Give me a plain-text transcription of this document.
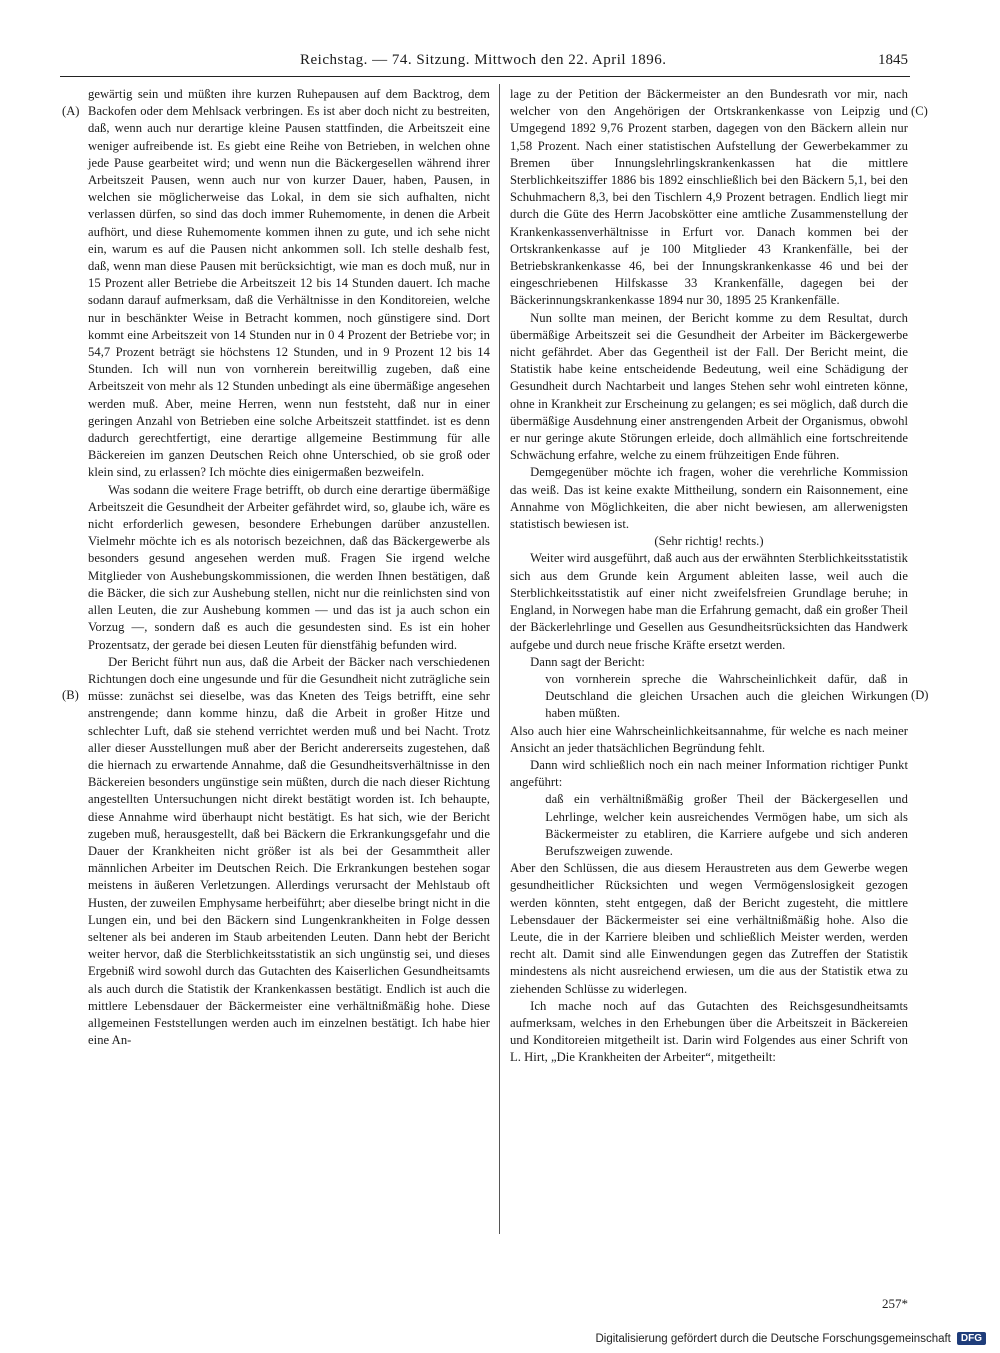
Reichstag. — 74. Sitzung. Mittwoch den 22. April 1896.	1845
(A)
(B)
(C)
(D)

gewärtig sein und müßten ihre kurzen Ruhepausen auf dem Backtrog, dem Backofen oder dem Mehlsack verbringen. Es ist aber doch nicht zu bestreiten, daß, wenn auch nur derartige kleine Pausen stattfinden, die Arbeitszeit eine weniger aufreibende ist. Es giebt eine Reihe von Betrieben, in welchen ohne jede Pause gearbeitet wird; und wenn nun die Bäckergesellen während ihrer Arbeitszeit Pausen, wenn auch nur von kurzer Dauer, haben, Pausen, in welchen sie möglicherweise das Lokal, in dem sie sich aufhalten, nicht verlassen dürfen, so sind das doch immer Ruhemomente, in denen die Arbeit aufhört, und diese Ruhemomente kommen ihnen zu gute, und ich sehe nicht ein, warum es auf die Pausen nicht ankommen soll. Ich stelle deshalb fest, daß, wenn man diese Pausen mit berücksichtigt, wie man es doch muß, nur in 15 Prozent aller Betriebe die Arbeitszeit 12 bis 14 Stunden dauert. Ich mache sodann darauf aufmerksam, daß die Verhältnisse in den Konditoreien, welche nur in beschänkter Weise in Betracht kommen, noch günstigere sind. Dort kommt eine Arbeitszeit von 14 Stunden nur in 0 4 Prozent der Betriebe vor; in 54,7 Prozent beträgt sie höchstens 12 Stunden, und in 9 Prozent 12 bis 14 Stunden. Ich will nun von vornherein bereitwillig zugeben, daß eine Arbeitszeit von mehr als 12 Stunden unbedingt als eine übermäßige angesehen werden muß. Aber, meine Herren, wenn nun feststeht, daß nur in einer geringen Anzahl von Betrieben eine solche Arbeitszeit stattfindet. ist es denn dadurch gerechtfertigt, eine derartige allgemeine Bestimmung für alle Bäckereien im ganzen Deutschen Reich ohne Unterschied, ob sie groß oder klein sind, zu erlassen? Ich möchte dies einigermaßen bezweifeln.

Was sodann die weitere Frage betrifft, ob durch eine derartige übermäßige Arbeitszeit die Gesundheit der Arbeiter gefährdet wird, so, glaube ich, wäre es nicht erforderlich gewesen, besondere Erhebungen darüber anzustellen. Vielmehr möchte ich es als notorisch bezeichnen, daß das Bäckergewerbe als besonders gesund angesehen werden muß. Fragen Sie irgend welche Mitglieder von Aushebungskommissionen, die werden Ihnen bestätigen, daß die Bäcker, die sich zur Aushebung stellen, nicht nur die reinlichsten sind von allen Leuten, die zur Aushebung kommen — und das ist ja auch schon ein Vorzug —, sondern daß es auch die gesundesten sind. Es ist ein hoher Prozentsatz, der gerade bei diesen Leuten für dienstfähig befunden wird.

Der Bericht führt nun aus, daß die Arbeit der Bäcker nach verschiedenen Richtungen doch eine ungesunde und für die Gesundheit nicht zuträgliche sein müsse: zunächst sei dieselbe, was das Kneten des Teigs betrifft, eine sehr anstrengende; dann komme hinzu, daß die Arbeit in großer Hitze und schlechter Luft, daß sie stehend verrichtet werden muß und bei Nacht. Trotz aller dieser Ausstellungen muß aber der Bericht andererseits zugestehen, daß die hiernach zu erwartende Annahme, daß die Gesundheitsverhältnisse in den Bäckereien besonders ungünstige sein müßten, durch die nach dieser Richtung angestellten Untersuchungen nicht direkt bestätigt worden ist. Ich behaupte, diese Annahme wird überhaupt nicht bestätigt. Es hat sich, wie der Bericht zugeben muß, herausgestellt, daß bei Bäckern die Erkrankungsgefahr und die Dauer der Krankheiten nicht größer ist als bei der Gesammtheit aller männlichen Arbeiter im Deutschen Reich. Die Erkrankungen bestehen sogar meistens in äußeren Verletzungen. Allerdings verursacht der Mehlstaub oft Husten, der zuweilen Emphysame herbeiführt; aber dieselbe bringt nicht in die Lungen ein, und bei den Bäckern sind Lungenkrankheiten in Folge dessen seltener als bei anderen im Staub arbeitenden Leuten. Dann hebt der Bericht weiter hervor, daß die Sterblichkeitsstatistik an sich ungünstig sei, und dieses Ergebniß wird sowohl durch das Gutachten des Kaiserlichen Gesundheitsamts als auch durch die Statistik der Krankenkassen bestätigt. Endlich ist auch die mittlere Lebensdauer der Bäckermeister eine verhältnißmäßig hohe. Diese allgemeinen Feststellungen werden auch im einzelnen bestätigt. Ich habe hier eine An-

lage zu der Petition der Bäckermeister an den Bundesrath vor mir, nach welcher von den Angehörigen der Ortskrankenkasse von Leipzig und Umgegend 1892 9,76 Prozent starben, dagegen von den Bäckern allein nur 1,58 Prozent. Nach einer statistischen Aufstellung der Gewerbekammer zu Bremen über Innungslehrlingskrankenkassen hat die mittlere Sterblichkeitsziffer 1886 bis 1892 einschließlich bei den Bäckern 5,1, bei den Schuhmachern 8,3, bei den Tischlern 4,9 Prozent betragen. Endlich liegt mir durch die Güte des Herrn Jacobskötter eine amtliche Zusammenstellung der Krankenkassenverhältnisse in Erfurt vor. Danach kommen bei der Ortskrankenkasse auf je 100 Mitglieder 43 Krankenfälle, bei der Betriebskrankenkasse 46, bei der Innungskrankenkasse 46 und bei der eingeschriebenen Hilfskasse 33 Krankenfälle, dagegen bei der Bäckerinnungskrankenkasse 1894 nur 30, 1895 25 Krankenfälle.

Nun sollte man meinen, der Bericht komme zu dem Resultat, durch übermäßige Arbeitszeit sei die Gesundheit der Arbeiter im Bäckergewerbe nicht gefährdet. Aber das Gegentheil ist der Fall. Der Bericht meint, die Statistik habe keine entscheidende Bedeutung, weil eine Schädigung der Gesundheit durch Nachtarbeit und langes Stehen sehr wohl eintreten könne, ohne in Krankheit zur Erscheinung zu gelangen; es sei möglich, daß durch die übermäßige Ausdehnung einer anstrengenden Arbeit der Organismus, obwohl er nur geringe akute Störungen erleide, doch allmählich eine fortschreitende Schwächung erfahre, welche zu einem frühzeitigen Ende führen.

Demgegenüber möchte ich fragen, woher die verehrliche Kommission das weiß. Das ist keine exakte Mittheilung, sondern ein Raisonnement, eine Annahme von Möglichkeiten, die aber nicht bewiesen, am allerwenigsten statistisch bewiesen ist.

(Sehr richtig! rechts.)

Weiter wird ausgeführt, daß auch aus der erwähnten Sterblichkeitsstatistik sich aus dem Grunde kein Argument ableiten lasse, weil auch die Sterblichkeitsstatistik auf einer nicht zweifelsfreien Grundlage beruhe; in England, in Norwegen habe man die Erfahrung gemacht, daß ein großer Theil der Bäckerlehrlinge und Gesellen aus Gesundheitsrücksichten das Handwerk aufgebe und durch neue frische Kräfte ersetzt werden.

Dann sagt der Bericht:

von vornherein spreche die Wahrscheinlichkeit dafür, daß in Deutschland die gleichen Ursachen auch die gleichen Wirkungen haben müßten.

Also auch hier eine Wahrscheinlichkeitsannahme, für welche es nach meiner Ansicht an jeder thatsächlichen Begründung fehlt.

Dann wird schließlich noch ein nach meiner Information richtiger Punkt angeführt:

daß ein verhältnißmäßig großer Theil der Bäckergesellen und Lehrlinge, welcher kein ausreichendes Vermögen habe, um sich als Bäckermeister zu etabliren, die Karriere aufgebe und sich anderen Berufszweigen zuwende.

Aber den Schlüssen, die aus diesem Heraustreten aus dem Gewerbe wegen gesundheitlicher Rücksichten und wegen Vermögenslosigkeit gezogen werden könnten, steht entgegen, daß der Bericht zugesteht, die mittlere Lebensdauer der Bäckermeister sei eine verhältnißmäßig hohe. Also die Leute, die in der Karriere bleiben und schließlich Meister werden, werden recht alt. Damit sind alle Einwendungen gegen das Zutreffen der Statistik mindestens als nicht ausreichend erwiesen, um die aus der Statistik etwa zu ziehenden Schlüsse zu widerlegen.

Ich mache noch auf das Gutachten des Reichsgesundheitsamts aufmerksam, welches in den Erhebungen über die Arbeitszeit in Bäckereien und Konditoreien mitgetheilt ist. Darin wird Folgendes aus einer Schrift von L. Hirt, „Die Krankheiten der Arbeiter“, mitgetheilt:

257*
Digitalisierung gefördert durch die Deutsche Forschungsgemeinschaft	DFG
